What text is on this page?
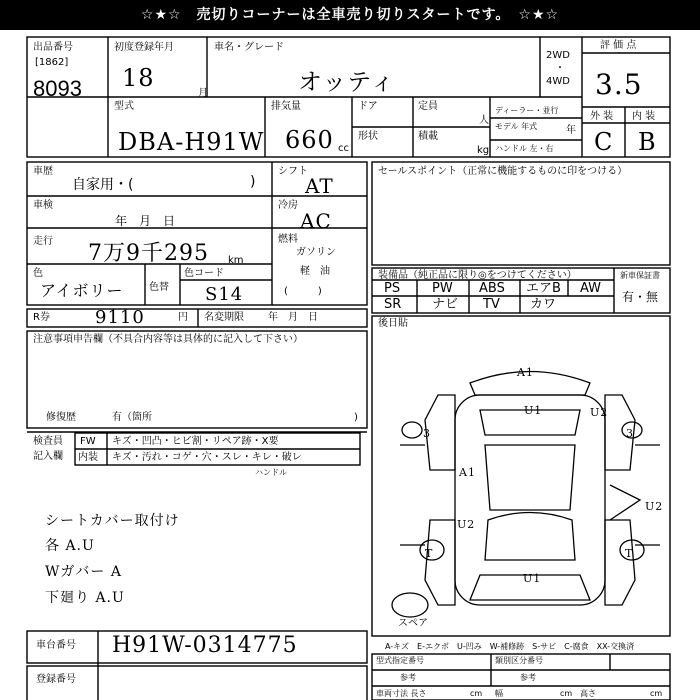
☆★☆　売切りコーナーは全車売り切りスタートです。　☆★☆
出品番号
[1862]
8093
初度登録年月
18
月
車名・グレード
オッティ
2WD
・
4WD
評 価 点
3.5
型式
DBA-H91W
排気量
660 cc
ドア	定員
人
形状	積載
kg
ディーラー・並行
モデル 年式	年
ハンドル 左・右
外 装 内 装
C B
車歴
自家用・(	)
車検
年　月　日
走行 7万9千295 km
色
アイボリー	色替
色コード
S14
シフト
AT
冷房
AC
燃料
ガソリン
軽　油
(　　　)
R券	9110	円 名変期限 年　月　日
セールスポイント（正常に機能するものに印をつける）
装備品（純正品に限り◎をつけてください）	新車保証書
有・無
PS PW ABS エアB AW
SR ナビ TV カワ
注意事項申告欄（不具合内容等は具体的に記入して下さい）
修復歴	有（箇所	)
後日貼
検査員
記入欄
FW キズ・凹凸・ヒビ割・リペア跡・X要
内装 キズ・汚れ・コゲ・穴・スレ・キレ・破レ
ハンドル
シートカバー取付け
各 A.U
Wガバー A
下廻り A.U
A1
U1	U2
3	3
A1
U2
U2
U1
T	T
スペア
A-キズ　E-エクボ　U-凹み　W-補修跡　S-サビ　C-腐食　XX-交換済
車台番号 H91W-0314775
登録番号
型式指定番号	類別区分番号
参考	参考
車両寸法 長さ	cm 幅	cm 高さ	cm
